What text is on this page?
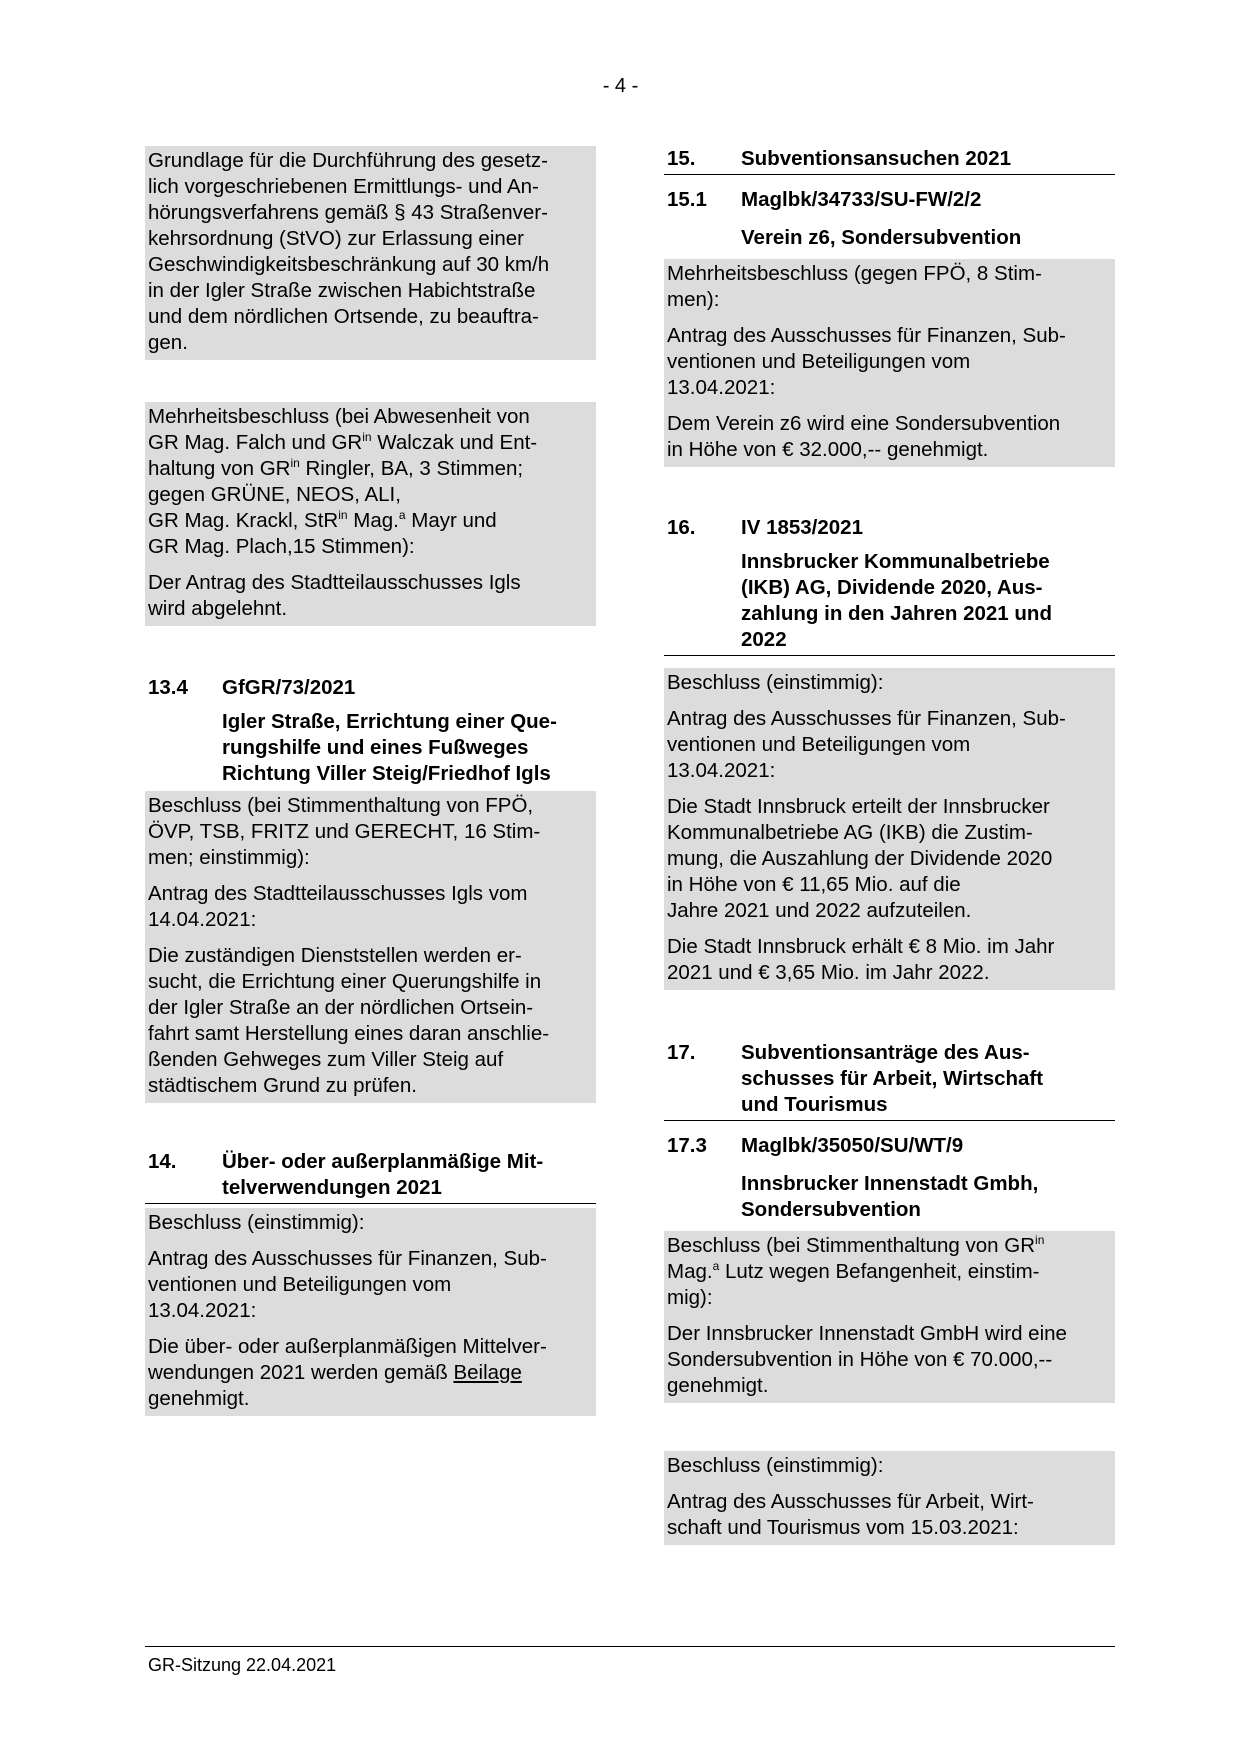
- 4 -

Grundlage für die Durchführung des gesetz-
lich vorgeschriebenen Ermittlungs- und An-
hörungsverfahrens gemäß § 43 Straßenver-
kehrsordnung (StVO) zur Erlassung einer
Geschwindigkeitsbeschränkung auf 30 km/h
in der Igler Straße zwischen Habichtstraße
und dem nördlichen Ortsende, zu beauftra-
gen.

Mehrheitsbeschluss (bei Abwesenheit von
GR Mag. Falch und $GR^{in}$ Walczak und Ent-
haltung von $GR^{in}$ Ringler, BA, 3 Stimmen;
gegen GRÜNE, NEOS, ALI,
GR Mag. Krackl, StR$^{in}$ Mag.$^a$ Mayr und
GR Mag. Plach,15 Stimmen):

Der Antrag des Stadtteilausschusses Igls
wird abgelehnt.

13.4	GfGR/73/2021
Igler Straße, Errichtung einer Que-
rungshilfe und eines Fußweges
Richtung Viller Steig/Friedhof Igls

Beschluss (bei Stimmenthaltung von FPÖ,
ÖVP, TSB, FRITZ und GERECHT, 16 Stim-
men; einstimmig):

Antrag des Stadtteilausschusses Igls vom
14.04.2021:

Die zuständigen Dienststellen werden er-
sucht, die Errichtung einer Querungshilfe in
der Igler Straße an der nördlichen Ortsein-
fahrt samt Herstellung eines daran anschlie-
ßenden Gehweges zum Viller Steig auf
städtischem Grund zu prüfen.

14.	Über- oder außerplanmäßige Mit-
telverwendungen 2021

Beschluss (einstimmig):

Antrag des Ausschusses für Finanzen, Sub-
ventionen und Beteiligungen vom
13.04.2021:

Die über- oder außerplanmäßigen Mittelver-
wendungen 2021 werden gemäß Beilage
genehmigt.

15.	Subventionsansuchen 2021
15.1	Maglbk/34733/SU-FW/2/2
Verein z6, Sondersubvention

Mehrheitsbeschluss (gegen FPÖ, 8 Stim-
men):

Antrag des Ausschusses für Finanzen, Sub-
ventionen und Beteiligungen vom
13.04.2021:

Dem Verein z6 wird eine Sondersubvention
in Höhe von € 32.000,-- genehmigt.

16.	IV 1853/2021
Innsbrucker Kommunalbetriebe
(IKB) AG, Dividende 2020, Aus-
zahlung in den Jahren 2021 und
2022

Beschluss (einstimmig):

Antrag des Ausschusses für Finanzen, Sub-
ventionen und Beteiligungen vom
13.04.2021:

Die Stadt Innsbruck erteilt der Innsbrucker
Kommunalbetriebe AG (IKB) die Zustim-
mung, die Auszahlung der Dividende 2020
in Höhe von € 11,65 Mio. auf die
Jahre 2021 und 2022 aufzuteilen.

Die Stadt Innsbruck erhält € 8 Mio. im Jahr
2021 und € 3,65 Mio. im Jahr 2022.

17.	Subventionsanträge des Aus-
schusses für Arbeit, Wirtschaft
und Tourismus
17.3	Maglbk/35050/SU/WT/9
Innsbrucker Innenstadt Gmbh,
Sondersubvention

Beschluss (bei Stimmenthaltung von $GR^{in}$
Mag.$^a$ Lutz wegen Befangenheit, einstim-
mig):

Der Innsbrucker Innenstadt GmbH wird eine
Sondersubvention in Höhe von € 70.000,--
genehmigt.

Beschluss (einstimmig):

Antrag des Ausschusses für Arbeit, Wirt-
schaft und Tourismus vom 15.03.2021:

GR-Sitzung 22.04.2021
